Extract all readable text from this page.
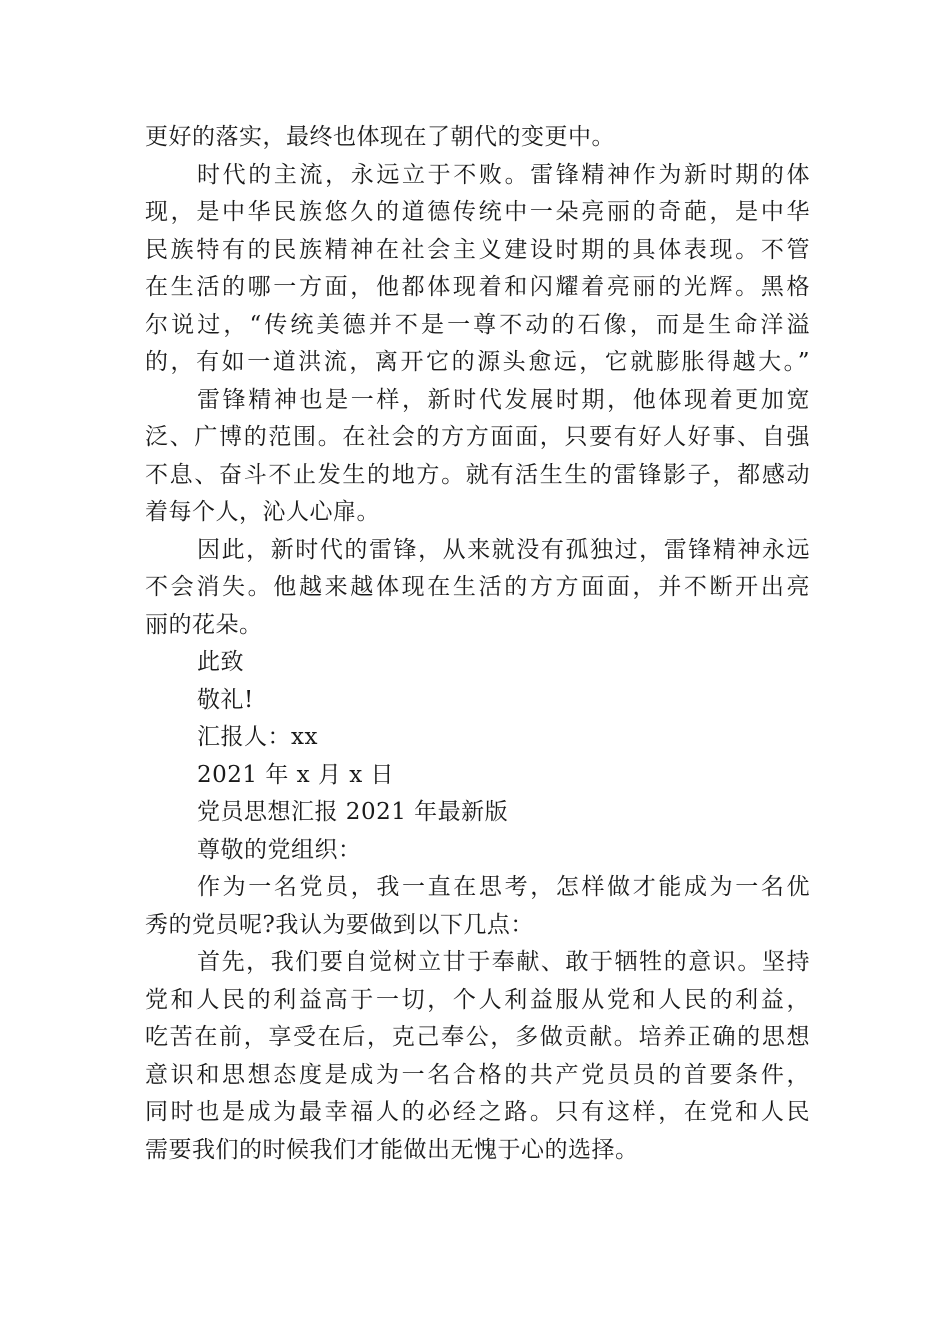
更好的落实，最终也体现在了朝代的变更中。

时代的主流，永远立于不败。雷锋精神作为新时期的体

现，是中华民族悠久的道德传统中一朵亮丽的奇葩，是中华

民族特有的民族精神在社会主义建设时期的具体表现。不管

在生活的哪一方面，他都体现着和闪耀着亮丽的光辉。黑格

尔说过，“传统美德并不是一尊不动的石像，而是生命洋溢

的，有如一道洪流，离开它的源头愈远，它就膨胀得越大。”

雷锋精神也是一样，新时代发展时期，他体现着更加宽

泛、广博的范围。在社会的方方面面，只要有好人好事、自强

不息、奋斗不止发生的地方。就有活生生的雷锋影子，都感动

着每个人，沁人心扉。

因此，新时代的雷锋，从来就没有孤独过，雷锋精神永远

不会消失。他越来越体现在生活的方方面面，并不断开出亮

丽的花朵。

此致

敬礼!

汇报人：xx

2021 年 x 月 x 日

党员思想汇报 2021 年最新版

尊敬的党组织：

作为一名党员，我一直在思考，怎样做才能成为一名优

秀的党员呢?我认为要做到以下几点：

首先，我们要自觉树立甘于奉献、敢于牺牲的意识。坚持

党和人民的利益高于一切，个人利益服从党和人民的利益，

吃苦在前，享受在后，克己奉公，多做贡献。培养正确的思想

意识和思想态度是成为一名合格的共产党员员的首要条件，

同时也是成为最幸福人的必经之路。只有这样，在党和人民

需要我们的时候我们才能做出无愧于心的选择。
